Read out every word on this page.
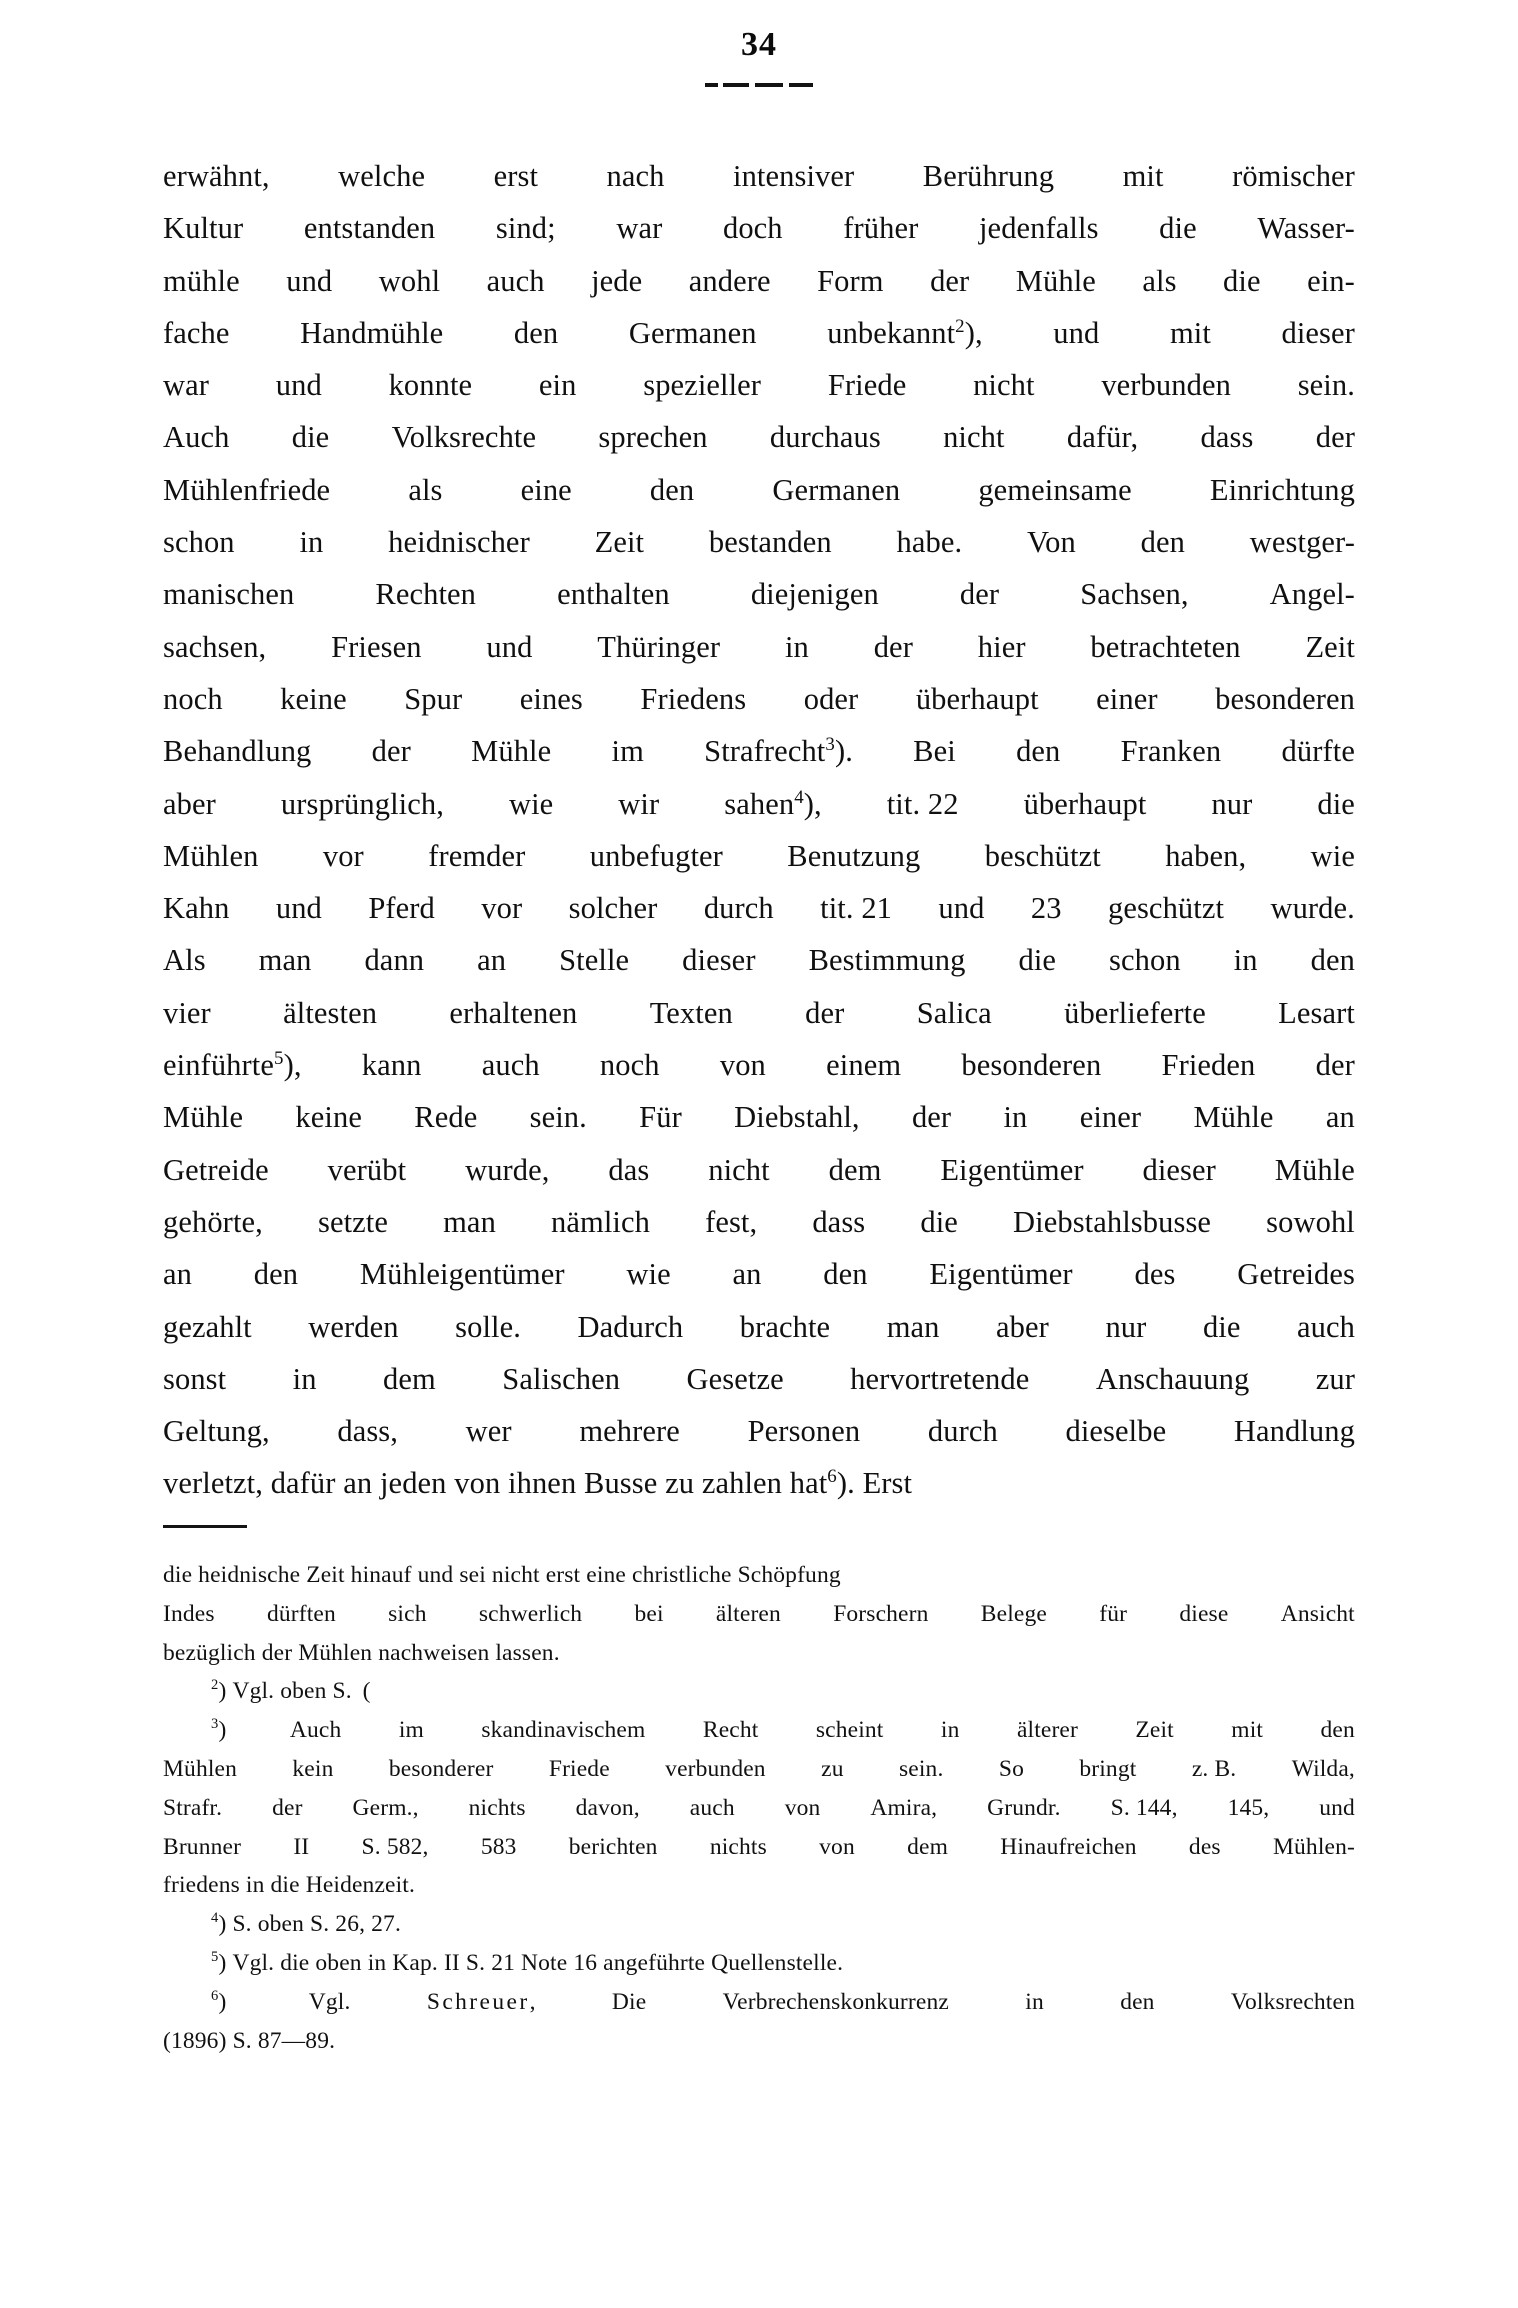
34
erwähnt, welche erst nach intensiver Berührung mit römischer
Kultur entstanden sind; war doch früher jedenfalls die Wasser-
mühle und wohl auch jede andere Form der Mühle als die ein-
fache Handmühle den Germanen unbekannt$^2$), und mit dieser
war und konnte ein spezieller Friede nicht verbunden sein.
Auch die Volksrechte sprechen durchaus nicht dafür, dass der
Mühlenfriede	als	eine	den	Germanen	gemeinsame	Einrichtung
schon in heidnischer Zeit bestanden habe. Von den westger-
manischen	Rechten	enthalten	diejenigen	der	Sachsen,	Angel-
sachsen, Friesen und Thüringer in der hier betrachteten Zeit
noch keine Spur eines Friedens oder überhaupt einer besonderen
Behandlung der Mühle im Strafrecht$^3$). Bei den Franken dürfte
aber ursprünglich, wie wir sahen$^4$), tit. 22 überhaupt nur die
Mühlen vor fremder unbefugter Benutzung beschützt haben, wie
Kahn und Pferd vor solcher durch tit. 21 und 23 geschützt wurde.
Als man dann an Stelle dieser Bestimmung die schon in den
vier ältesten erhaltenen Texten der Salica überlieferte Lesart
einführte$^5$), kann auch noch von einem besonderen Frieden der
Mühle keine Rede sein. Für Diebstahl, der in einer Mühle an
Getreide verübt wurde, das nicht dem Eigentümer dieser Mühle
gehörte, setzte man nämlich fest, dass die Diebstahlsbusse sowohl
an den Mühleigentümer wie an den Eigentümer des Getreides
gezahlt werden solle. Dadurch brachte man aber nur die auch
sonst in dem Salischen Gesetze hervortretende Anschauung zur
Geltung, dass, wer mehrere Personen durch dieselbe Handlung
verletzt, dafür an jeden von ihnen Busse zu zahlen hat$^6$). Erst
die heidnische Zeit hinauf und sei nicht erst eine christliche Schöpfung
Indes dürften sich schwerlich bei älteren Forschern Belege für diese Ansicht
bezüglich der Mühlen nachweisen lassen.
$^2$) Vgl. oben S.  (
$^3$) Auch im skandinavischem Recht scheint in älterer Zeit mit den
Mühlen kein besonderer Friede verbunden zu sein. So bringt z. B. Wilda,
Strafr. der Germ., nichts davon, auch von Amira, Grundr. S. 144, 145, und
Brunner II S. 582, 583 berichten nichts von dem Hinaufreichen des Mühlen-
friedens in die Heidenzeit.
$^4$) S. oben S. 26, 27.
$^5$) Vgl. die oben in Kap. II S. 21 Note 16 angeführte Quellenstelle.
$^6$)	Vgl.	Schreuer,	Die	Verbrechenskonkurrenz	in	den	Volksrechten
(1896) S. 87—89.
